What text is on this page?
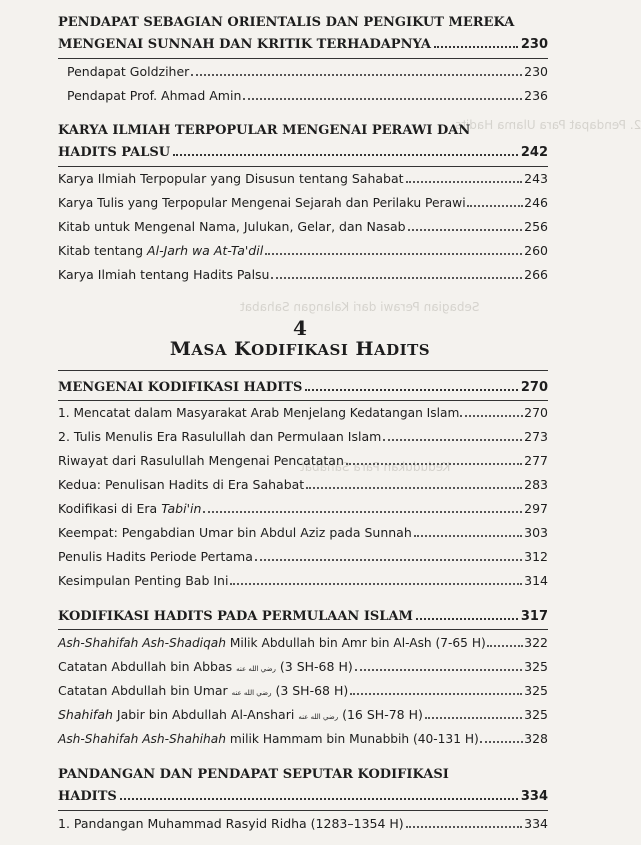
2. Pendapat Para Ulama Hadits
Sebagian Perawi dari Kalangan Sahabat
Kedudukan Para Sahabat
PENDAPAT SEBAGIAN ORIENTALIS DAN PENGIKUT MEREKA
MENGENAI SUNNAH DAN KRITIK TERHADAPNYA	230
Pendapat Goldziher	230
Pendapat Prof. Ahmad Amin	236
KARYA ILMIAH TERPOPULAR MENGENAI PERAWI DAN
HADITS PALSU	242
Karya Ilmiah Terpopular yang Disusun tentang Sahabat	243
Karya Tulis yang Terpopular Mengenai Sejarah dan Perilaku Perawi	246
Kitab untuk Mengenal Nama, Julukan, Gelar, dan Nasab	256
Kitab tentang Al-Jarh wa At-Ta'dil	260
Karya Ilmiah tentang Hadits Palsu	266
4
MASA KODIFIKASI HADITS
MENGENAI KODIFIKASI HADITS	270
1. Mencatat dalam Masyarakat Arab Menjelang Kedatangan Islam	270
2. Tulis Menulis Era Rasulullah dan Permulaan Islam	273
Riwayat dari Rasulullah Mengenai Pencatatan	277
Kedua: Penulisan Hadits di Era Sahabat	283
Kodifikasi di Era Tabi'in	297
Keempat: Pengabdian Umar bin Abdul Aziz pada Sunnah	303
Penulis Hadits Periode Pertama	312
Kesimpulan Penting Bab Ini	314
KODIFIKASI HADITS PADA PERMULAAN ISLAM	317
Ash-Shahifah Ash-Shadiqah Milik Abdullah bin Amr bin Al-Ash (7-65 H)	322
Catatan Abdullah bin Abbas رضي الله عنه (3 SH-68 H)	325
Catatan Abdullah bin Umar رضي الله عنه (3 SH-68 H)	325
Shahifah Jabir bin Abdullah Al-Anshari رضي الله عنه (16 SH-78 H)	325
Ash-Shahifah Ash-Shahihah milik Hammam bin Munabbih (40-131 H)	328
PANDANGAN DAN PENDAPAT SEPUTAR KODIFIKASI
HADITS	334
1. Pandangan Muhammad Rasyid Ridha (1283–1354 H)	334
